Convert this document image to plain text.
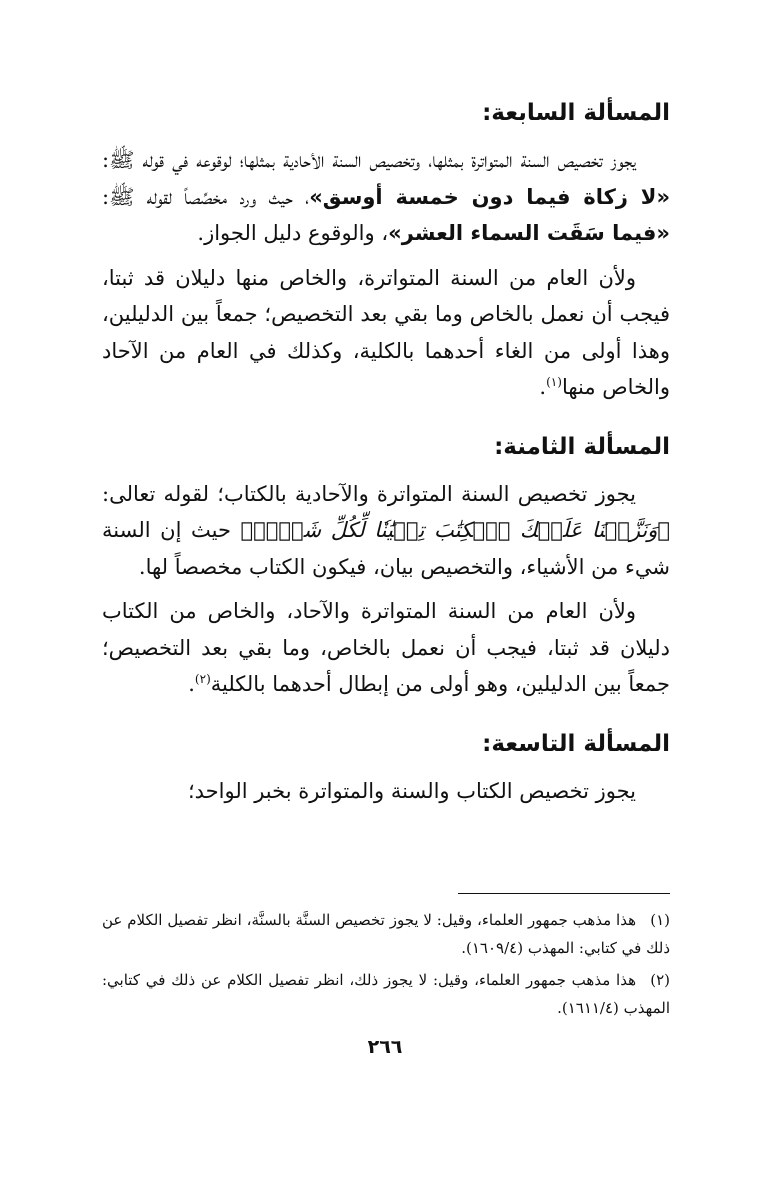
المسألة السابعة:

يجوز تخصيص السنة المتواترة بمثلها، وتخصيص السنة الأحادية بمثلها؛ لوقوعه في قوله ﷺ: «لا زكاة فيما دون خمسة أوسق»، حيث ورد مخصِّصاً لقوله ﷺ: «فيما سَقَت السماء العشر»، والوقوع دليل الجواز.

ولأن العام من السنة المتواترة، والخاص منها دليلان قد ثبتا، فيجب أن نعمل بالخاص وما بقي بعد التخصيص؛ جمعاً بين الدليلين، وهذا أولى من الغاء أحدهما بالكلية، وكذلك في العام من الآحاد والخاص منها$^{(١)}$.

المسألة الثامنة:

يجوز تخصيص السنة المتواترة والآحادية بالكتاب؛ لقوله تعالى: ﴿وَنَزَّلۡنَا عَلَيۡكَ ٱلۡكِتَٰبَ تِبۡيَٰنٗا لِّكُلِّ شَيۡءٖ﴾ حيث إن السنة شيء من الأشياء، والتخصيص بيان، فيكون الكتاب مخصصاً لها.

ولأن العام من السنة المتواترة والآحاد، والخاص من الكتاب دليلان قد ثبتا، فيجب أن نعمل بالخاص، وما بقي بعد التخصيص؛ جمعاً بين الدليلين، وهو أولى من إبطال أحدهما بالكلية$^{(٢)}$.

المسألة التاسعة:

يجوز تخصيص الكتاب والسنة والمتواترة بخبر الواحد؛

(١)هذا مذهب جمهور العلماء، وقيل: لا يجوز تخصيص السنَّة بالسنَّة، انظر تفصيل الكلام عن ذلك في كتابي: المهذب (١٦٠٩/٤).

(٢)هذا مذهب جمهور العلماء، وقيل: لا يجوز ذلك، انظر تفصيل الكلام عن ذلك في كتابي: المهذب (١٦١١/٤).

٢٦٦
